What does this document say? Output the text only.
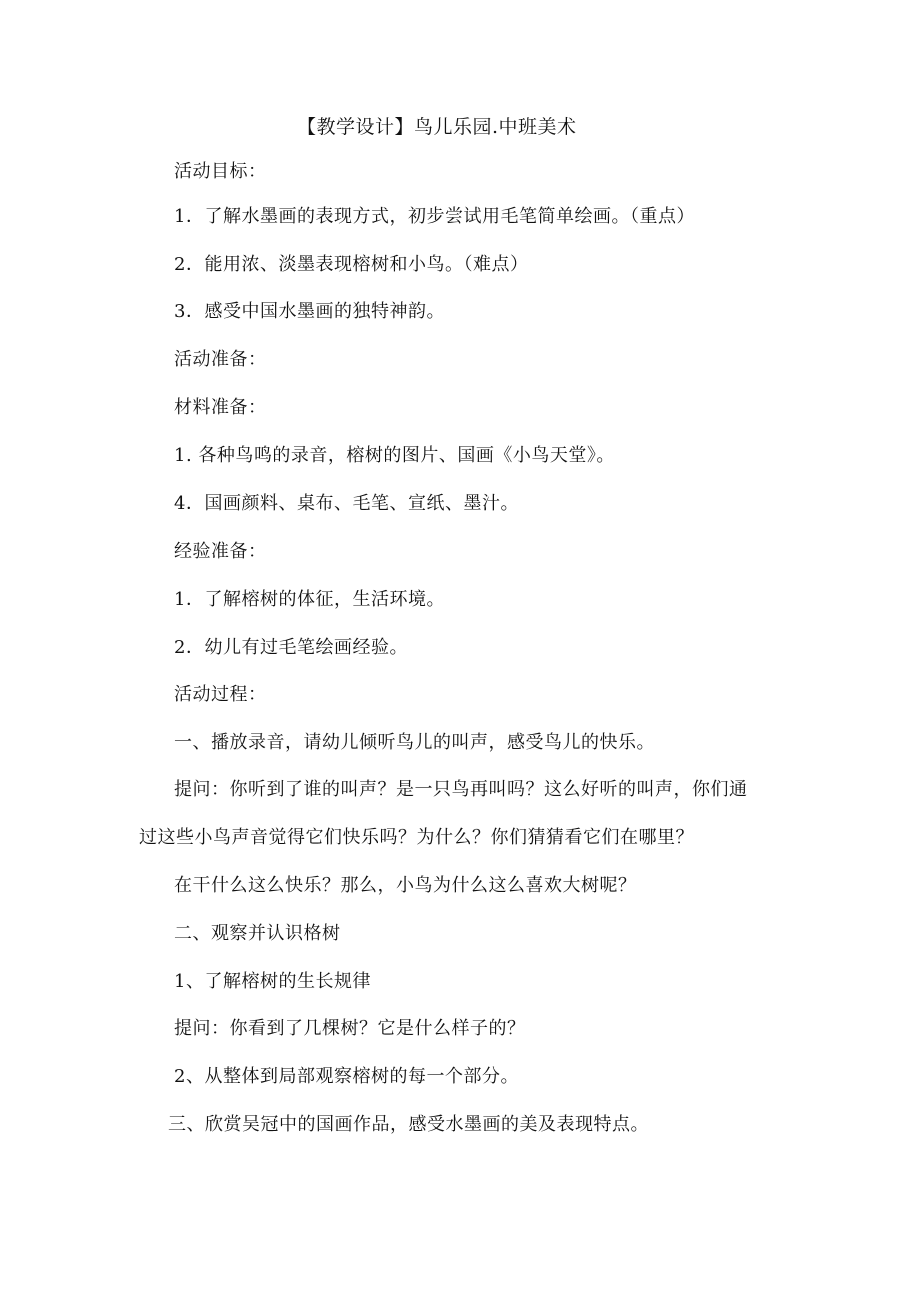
【教学设计】鸟儿乐园.中班美术
活动目标：
1．了解水墨画的表现方式，初步尝试用毛笔简单绘画。（重点）
2．能用浓、淡墨表现榕树和小鸟。（难点）
3．感受中国水墨画的独特神韵。
活动准备：
材料准备：
1. 各种鸟鸣的录音，榕树的图片、国画《小鸟天堂》。
4．国画颜料、桌布、毛笔、宣纸、墨汁。
经验准备：
1．了解榕树的体征，生活环境。
2．幼儿有过毛笔绘画经验。
活动过程：
一、播放录音，请幼儿倾听鸟儿的叫声，感受鸟儿的快乐。
提问：你听到了谁的叫声？是一只鸟再叫吗？这么好听的叫声，你们通
过这些小鸟声音觉得它们快乐吗？为什么？你们猜猜看它们在哪里？
在干什么这么快乐？那么，小鸟为什么这么喜欢大树呢？
二、观察并认识格树
1、了解榕树的生长规律
提问：你看到了几棵树？它是什么样子的？
2、从整体到局部观察榕树的每一个部分。
三、欣赏吴冠中的国画作品，感受水墨画的美及表现特点。
